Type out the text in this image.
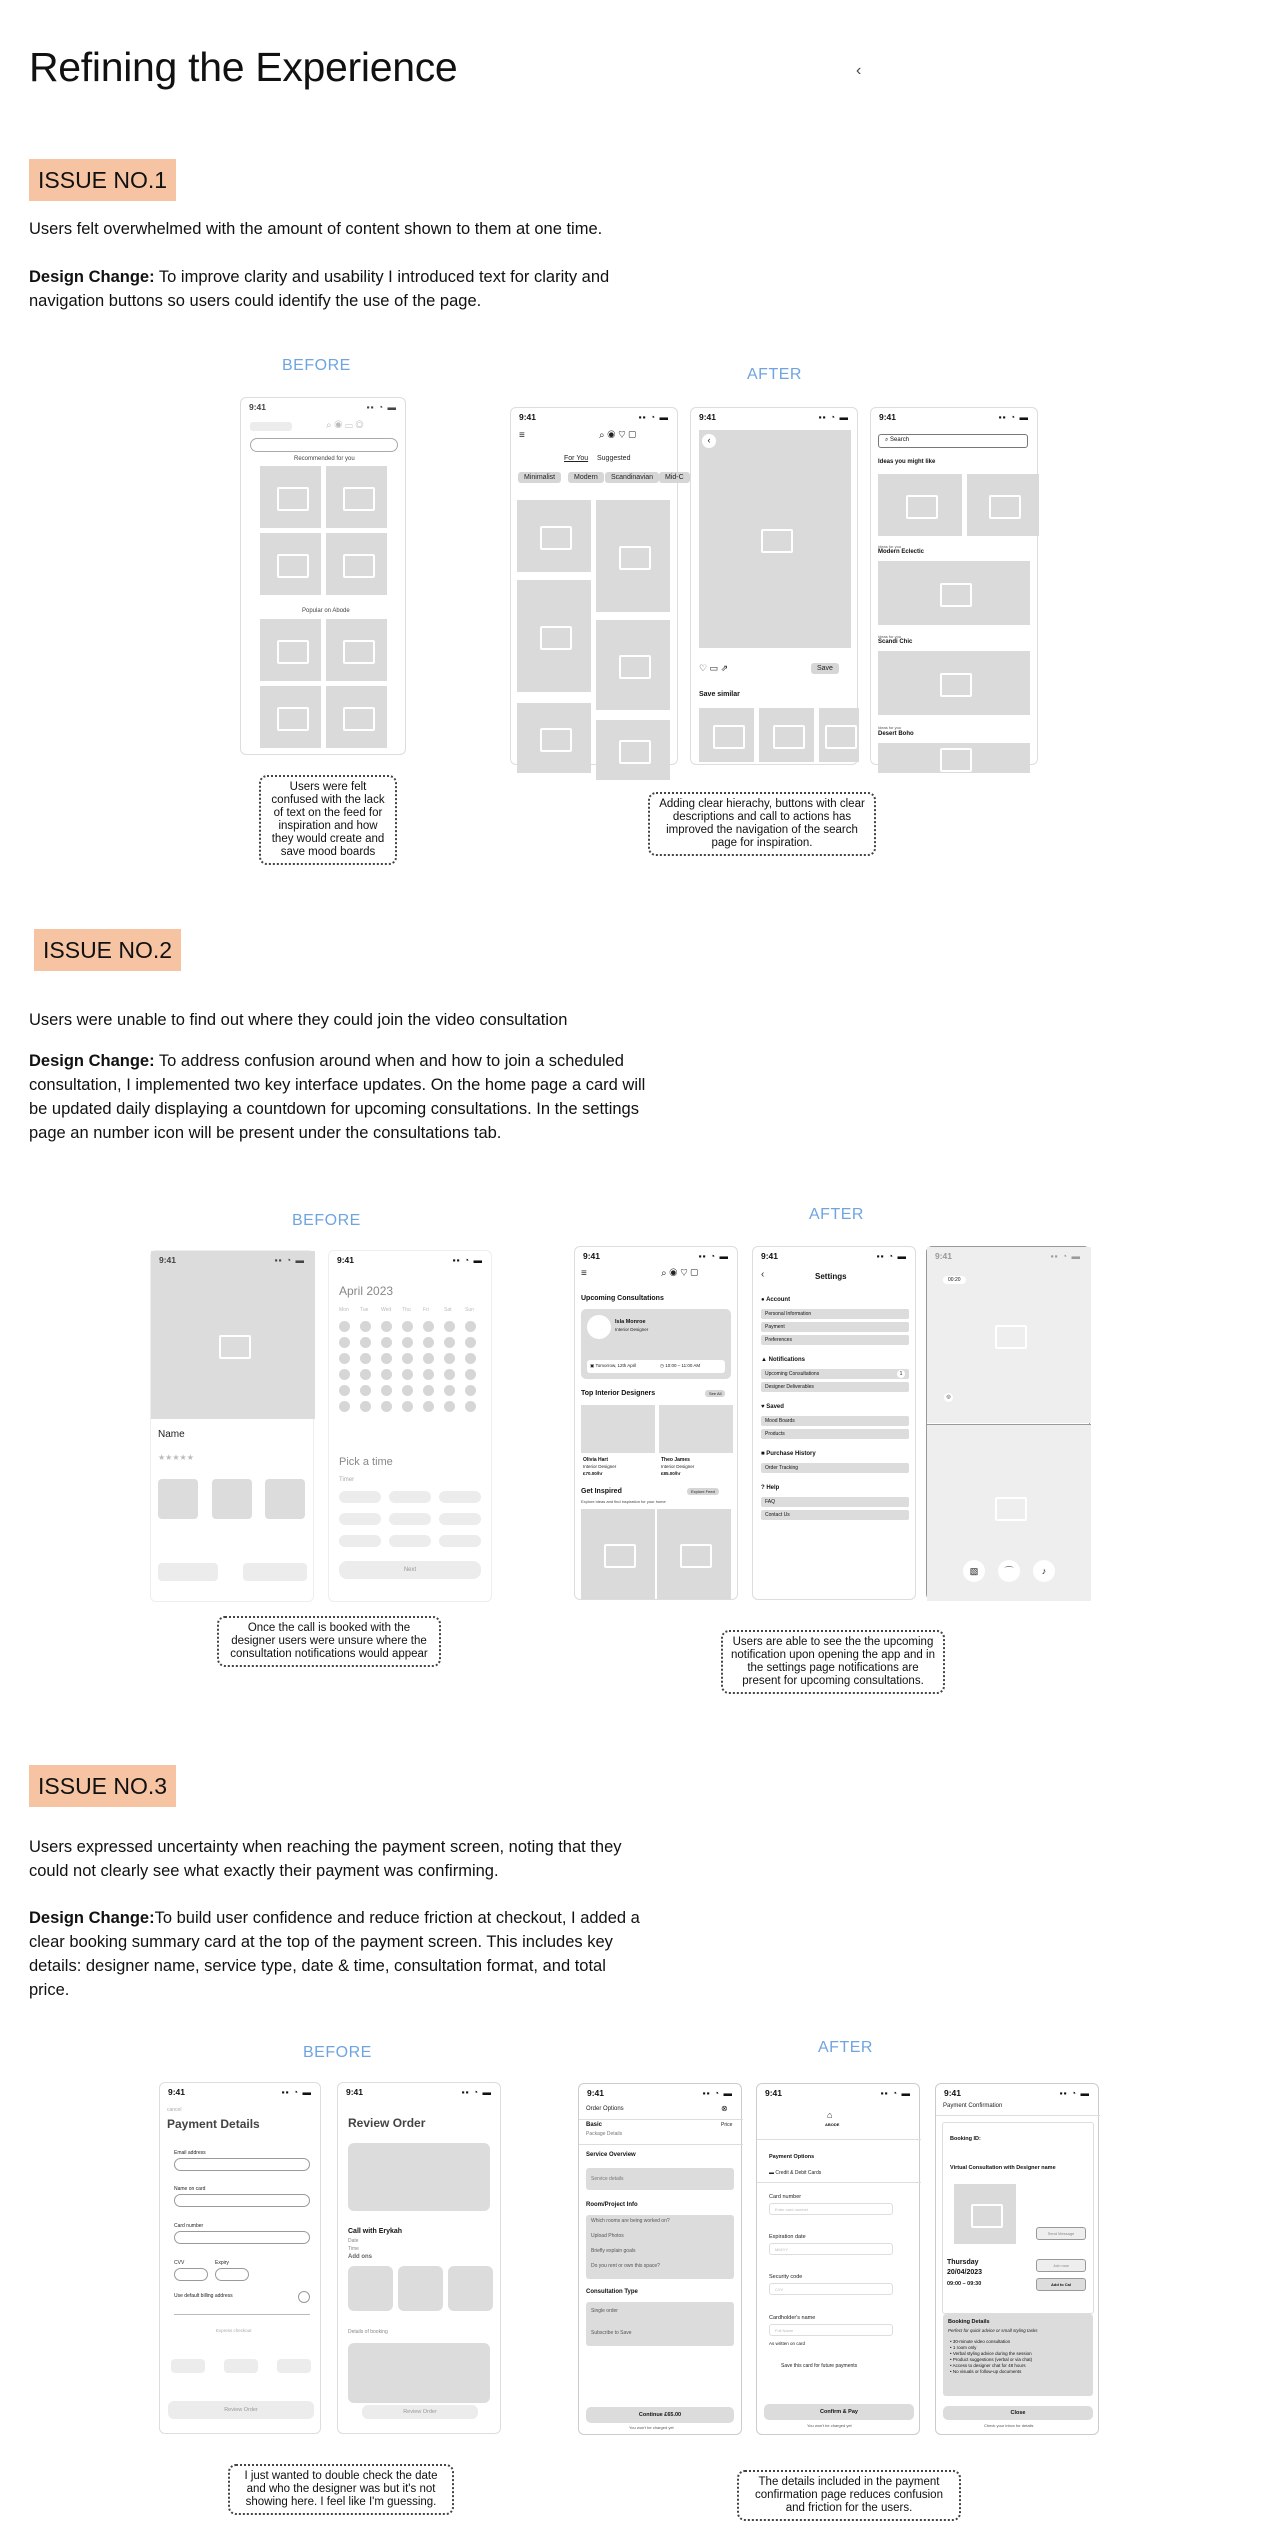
Refining the Experience	‹
ISSUE NO.1
Users felt overwhelmed with the amount of content shown to them at one time.
Design Change: To improve clarity and usability I introduced text for clarity and navigation buttons so users could identify the use of the page.
BEFORE
AFTER
9:41	▪▪ ◔ ▬
⌕ ◉ ▭ ◎
Recommended for you
Popular on Abode
Users were felt confused with the lack of text on the feed for inspiration and how they would create and save mood boards
9:41	▪▪ ◔ ▬
≡	⌕ ◉ ♡ ▢
For You Suggested
Minimalist	Modern	Scandinavian	Mid-C
9:41	▪▪ ◔ ▬
‹
♡ ▭ ⇗	Save
Save similar
9:41	▪▪ ◔ ▬
⌕ Search
Ideas you might like
Ideas for you
Modern Eclectic
Ideas for you
Scandi Chic
Ideas for you
Desert Boho
Adding clear hierachy, buttons with clear descriptions and call to actions has improved the navigation of the search page for inspiration.
ISSUE NO.2
Users were unable to find out where they could join the video consultation
Design Change: To address confusion around when and how to join a scheduled consultation, I implemented two key interface updates. On the home page a card will be updated daily displaying a countdown for upcoming consultations. In the settings page an number icon will be present under the consultations tab.
BEFORE	AFTER
9:41	▪▪ ◔ ▬
Name
★★★★★
9:41	▪▪ ◔ ▬
April 2023
Mon Tue	Wed Thu Fri	Sat	Sun
Pick a time
Timer
Next
Once the call is booked with the designer users were unsure where the consultation notifications would appear
9:41	▪▪ ◔ ▬
≡	⌕ ◉ ♡ ▢
Upcoming Consultations
Isla Monroe
Interior Designer
▣ Tomorrow, 12th April	◷ 10:00 – 11:00 AM
Top Interior Designers	See All
Olivia Hart
Interior Designer
£70.00/hr
Theo James
Interior Designer
£85.00/hr
Get Inspired	Explore Feed
Explore ideas and find inspiration for your home
9:41	▪▪ ◔ ▬
‹	Settings
● Account
Personal Information
Payment
Preferences
▲ Notifications
Upcoming Consultations	1
Designer Deliverables
♥ Saved
Mood Boards
Products
■ Purchase History
Order Tracking
? Help
FAQ
Contact Us
9:41	▪▪ ◔ ▬
00:20
◎
▧	⌒	♪
Users are able to see the the upcoming notification upon opening the app and in the settings page notifications are present for upcoming consultations.
ISSUE NO.3
Users expressed uncertainty when reaching the payment screen, noting that they could not clearly see what exactly their payment was confirming.
Design Change:To build user confidence and reduce friction at checkout, I added a clear booking summary card at the top of the payment screen. This includes key details: designer name, service type, date & time, consultation format, and total price.
BEFORE	AFTER
9:41	▪▪ ◔ ▬
cancel
Payment Details
Email address
Name on card
Card number
CVV	Expiry
Use default billing address
Express checkout
Review Order
9:41	▪▪ ◔ ▬
Review Order
Call with Erykah
Date
Time
Add ons
Details of booking
Review Order
I just wanted to double check the date and who the designer was but it's not showing here. I feel like I'm guessing.
9:41	▪▪ ◔ ▬
Order Options	⊗
Basic	Price
Package Details
Service Overview
Service details
Room/Project Info
Which rooms are being worked on?
Upload Photos
Briefly explain goals
Do you rent or own this space?
Consultation Type
Single order
Subscribe to Save
Continue £65.00
You won't be charged yet
9:41	▪▪ ◔ ▬
⌂
ABODE
Payment Options
▬ Credit & Debit Cards
Card number
Enter card number
Expiration date
MM/YY
Security code
CVV
Cardholder's name
Full Name
As written on card
Save this card for future payments
Confirm & Pay
You won't be charged yet
9:41	▪▪ ◔ ▬
Payment Confirmation
Booking ID:
Virtual Consultation with Designer name
Send Message
Join now
Add to Cal
Thursday
20/04/2023
09:00 – 09:30
Booking Details
Perfect for quick advice or small styling tasks
• 30-minute video consultation
• 1 room only
• Verbal styling advice during the session
• Product suggestions (verbal or via chat)
• Access to designer chat for 48 hours
• No visuals or follow-up documents
Close
Check your inbox for details
The details included in the payment confirmation page reduces confusion and friction for the users.
